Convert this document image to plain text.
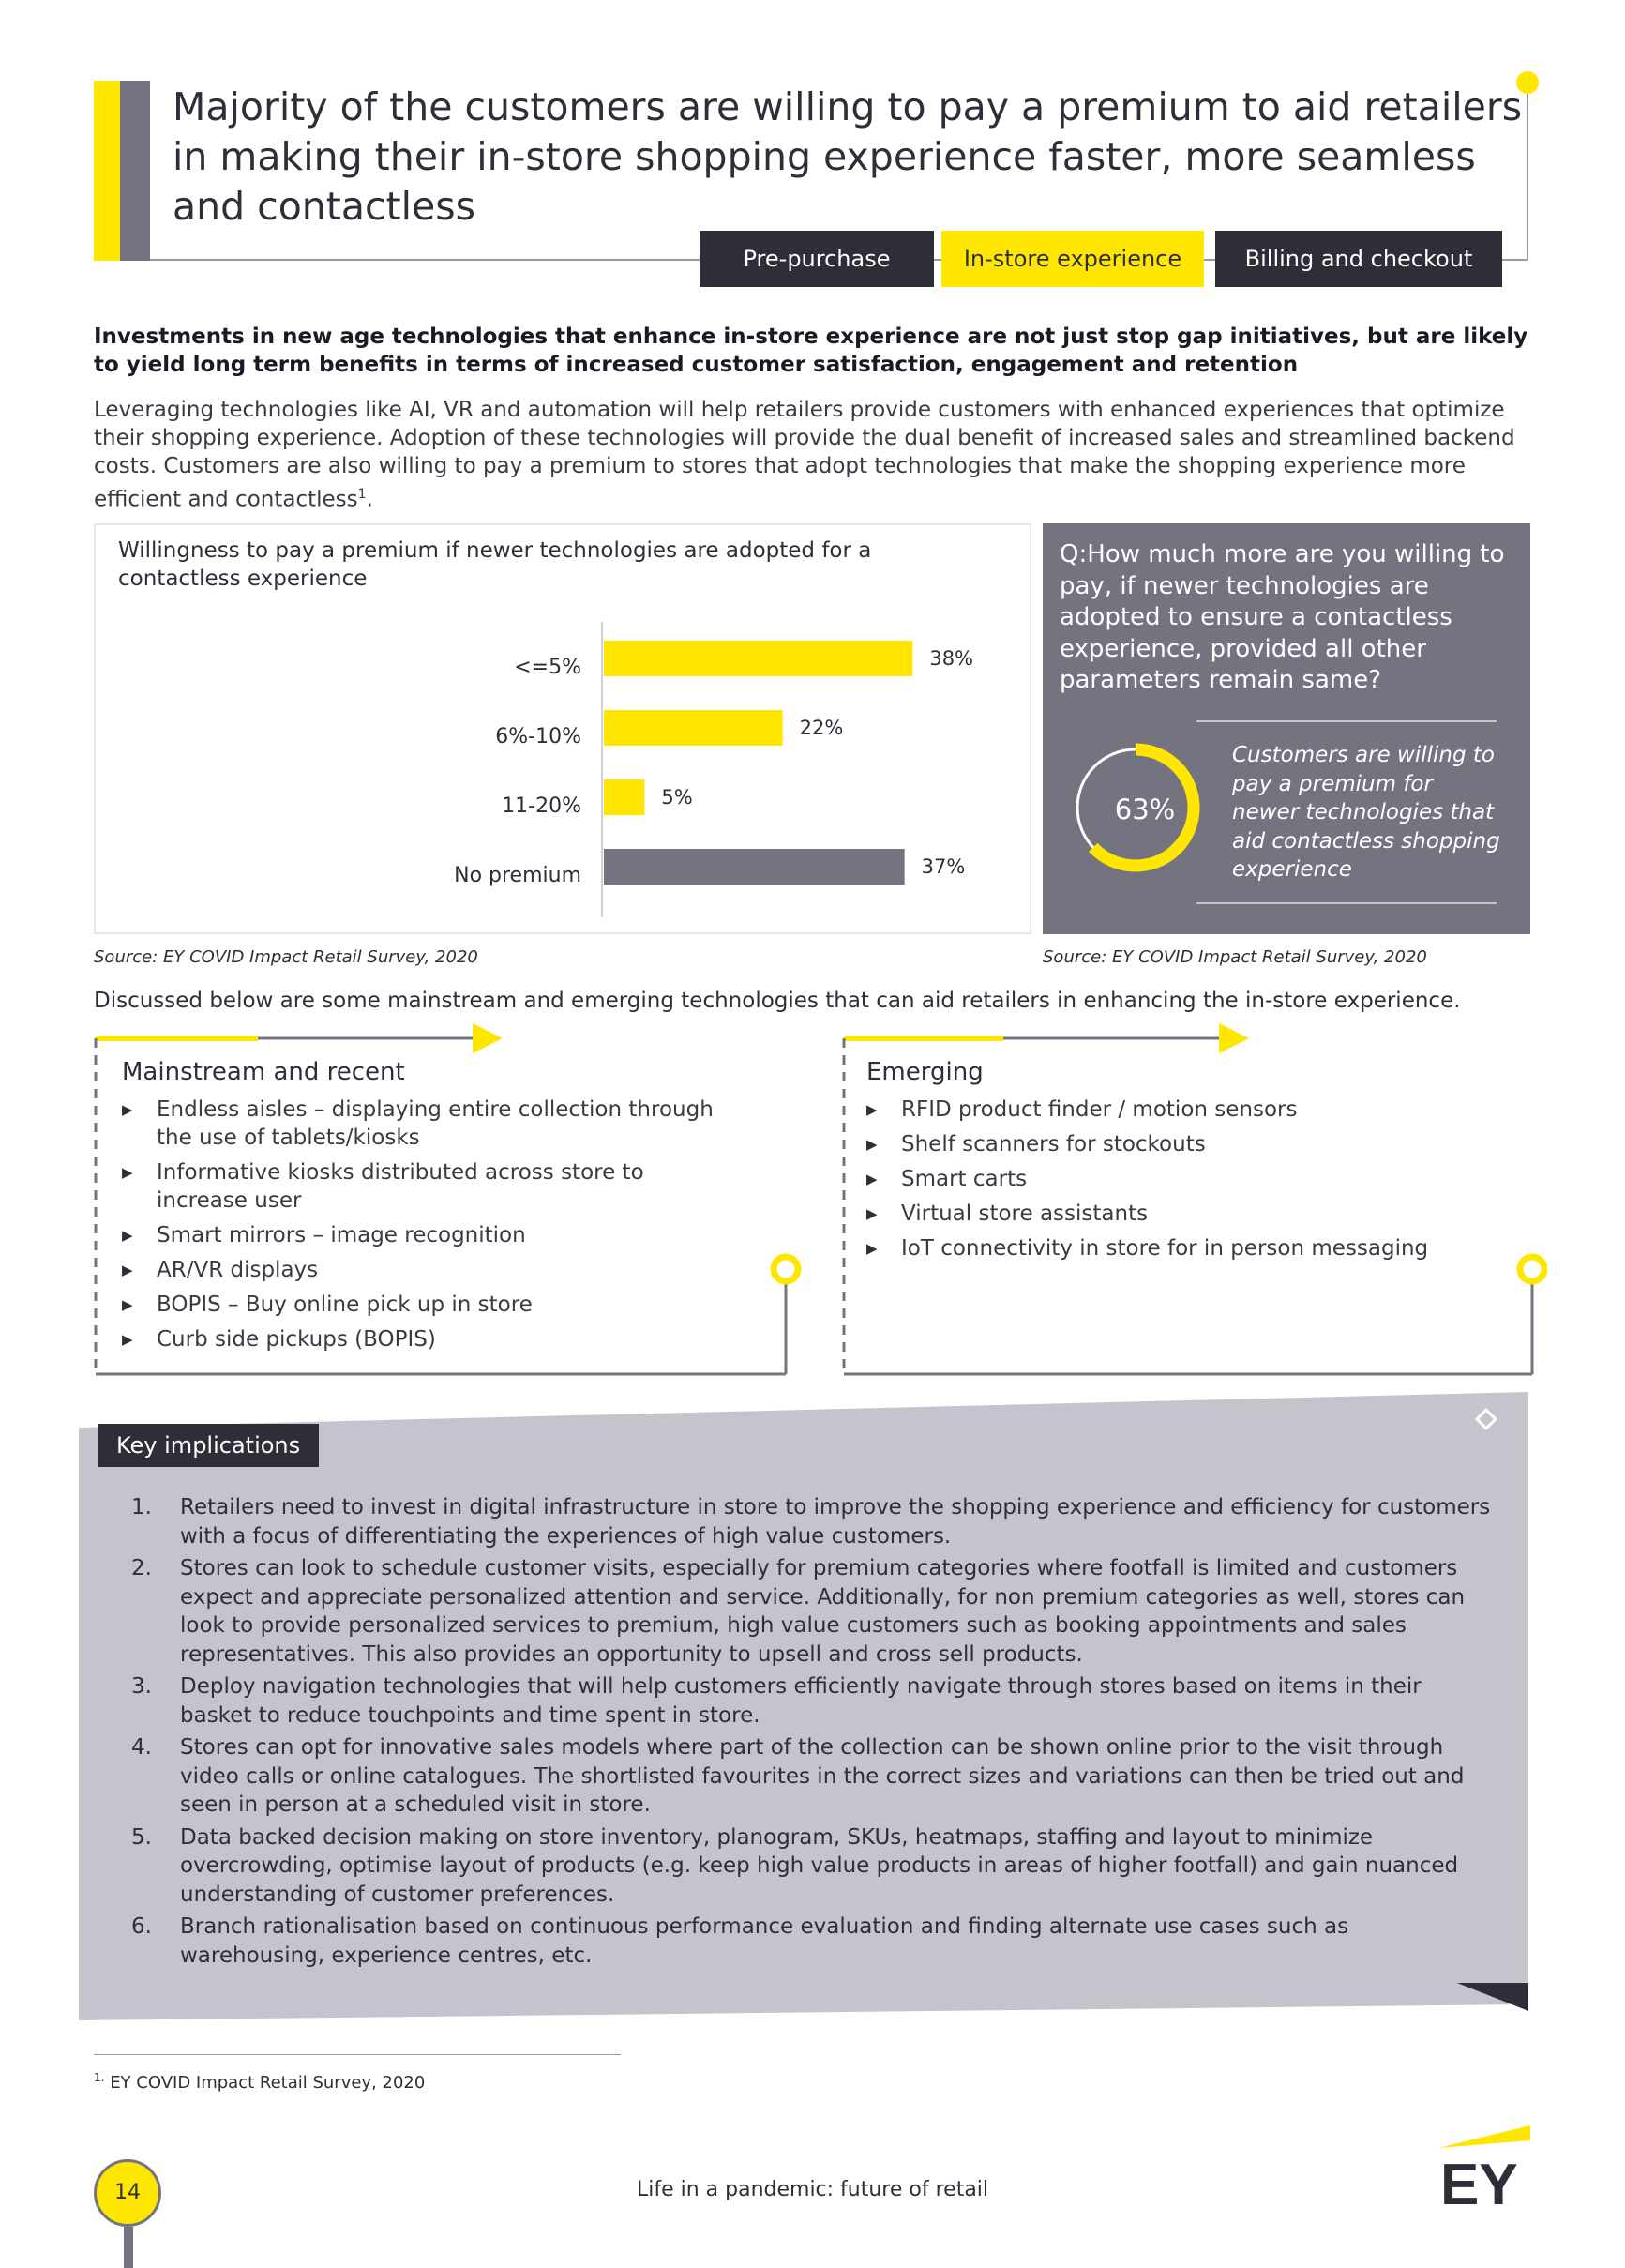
Majority of the customers are willing to pay a premium to aid retailers in making their in-store shopping experience faster, more seamless and contactless
Pre-purchase	In-store experience	Billing and checkout
Investments in new age technologies that enhance in-store experience are not just stop gap initiatives, but are likely to yield long term benefits in terms of increased customer satisfaction, engagement and retention
Leveraging technologies like AI, VR and automation will help retailers provide customers with enhanced experiences that optimize their shopping experience. Adoption of these technologies will provide the dual benefit of increased sales and streamlined backend costs. Customers are also willing to pay a premium to stores that adopt technologies that make the shopping experience more efficient and contactless$^1$.
Willingness to pay a premium if newer technologies are adopted for a contactless experience
<=5%	38%
6%-10%	22%
11-20%	5%
No premium	37%
Source: EY COVID Impact Retail Survey, 2020
Q:How much more are you willing to pay, if newer technologies are adopted to ensure a contactless experience, provided all other parameters remain same?
63%
Customers are willing to pay a premium for newer technologies that aid contactless shopping experience
Source: EY COVID Impact Retail Survey, 2020
Discussed below are some mainstream and emerging technologies that can aid retailers in enhancing the in-store experience.
Mainstream and recent
▶ Endless aisles – displaying entire collection through the use of tablets/kiosks
▶ Informative kiosks distributed across store to increase user
▶ Smart mirrors – image recognition
▶ AR/VR displays
▶ BOPIS – Buy online pick up in store
▶ Curb side pickups (BOPIS)
Emerging
▶ RFID product finder / motion sensors
▶ Shelf scanners for stockouts
▶ Smart carts
▶ Virtual store assistants
▶ IoT connectivity in store for in person messaging
Key implications
1. Retailers need to invest in digital infrastructure in store to improve the shopping experience and efficiency for customers with a focus of differentiating the experiences of high value customers.
2. Stores can look to schedule customer visits, especially for premium categories where footfall is limited and customers expect and appreciate personalized attention and service. Additionally, for non premium categories as well, stores can look to provide personalized services to premium, high value customers such as booking appointments and sales representatives. This also provides an opportunity to upsell and cross sell products.
3. Deploy navigation technologies that will help customers efficiently navigate through stores based on items in their basket to reduce touchpoints and time spent in store.
4. Stores can opt for innovative sales models where part of the collection can be shown online prior to the visit through video calls or online catalogues. The shortlisted favourites in the correct sizes and variations can then be tried out and seen in person at a scheduled visit in store.
5. Data backed decision making on store inventory, planogram, SKUs, heatmaps, staffing and layout to minimize overcrowding, optimise layout of products (e.g. keep high value products in areas of higher footfall) and gain nuanced understanding of customer preferences.
6. Branch rationalisation based on continuous performance evaluation and finding alternate use cases such as warehousing, experience centres, etc.
$^{1.}$ EY COVID Impact Retail Survey, 2020
14	Life in a pandemic: future of retail	EY
